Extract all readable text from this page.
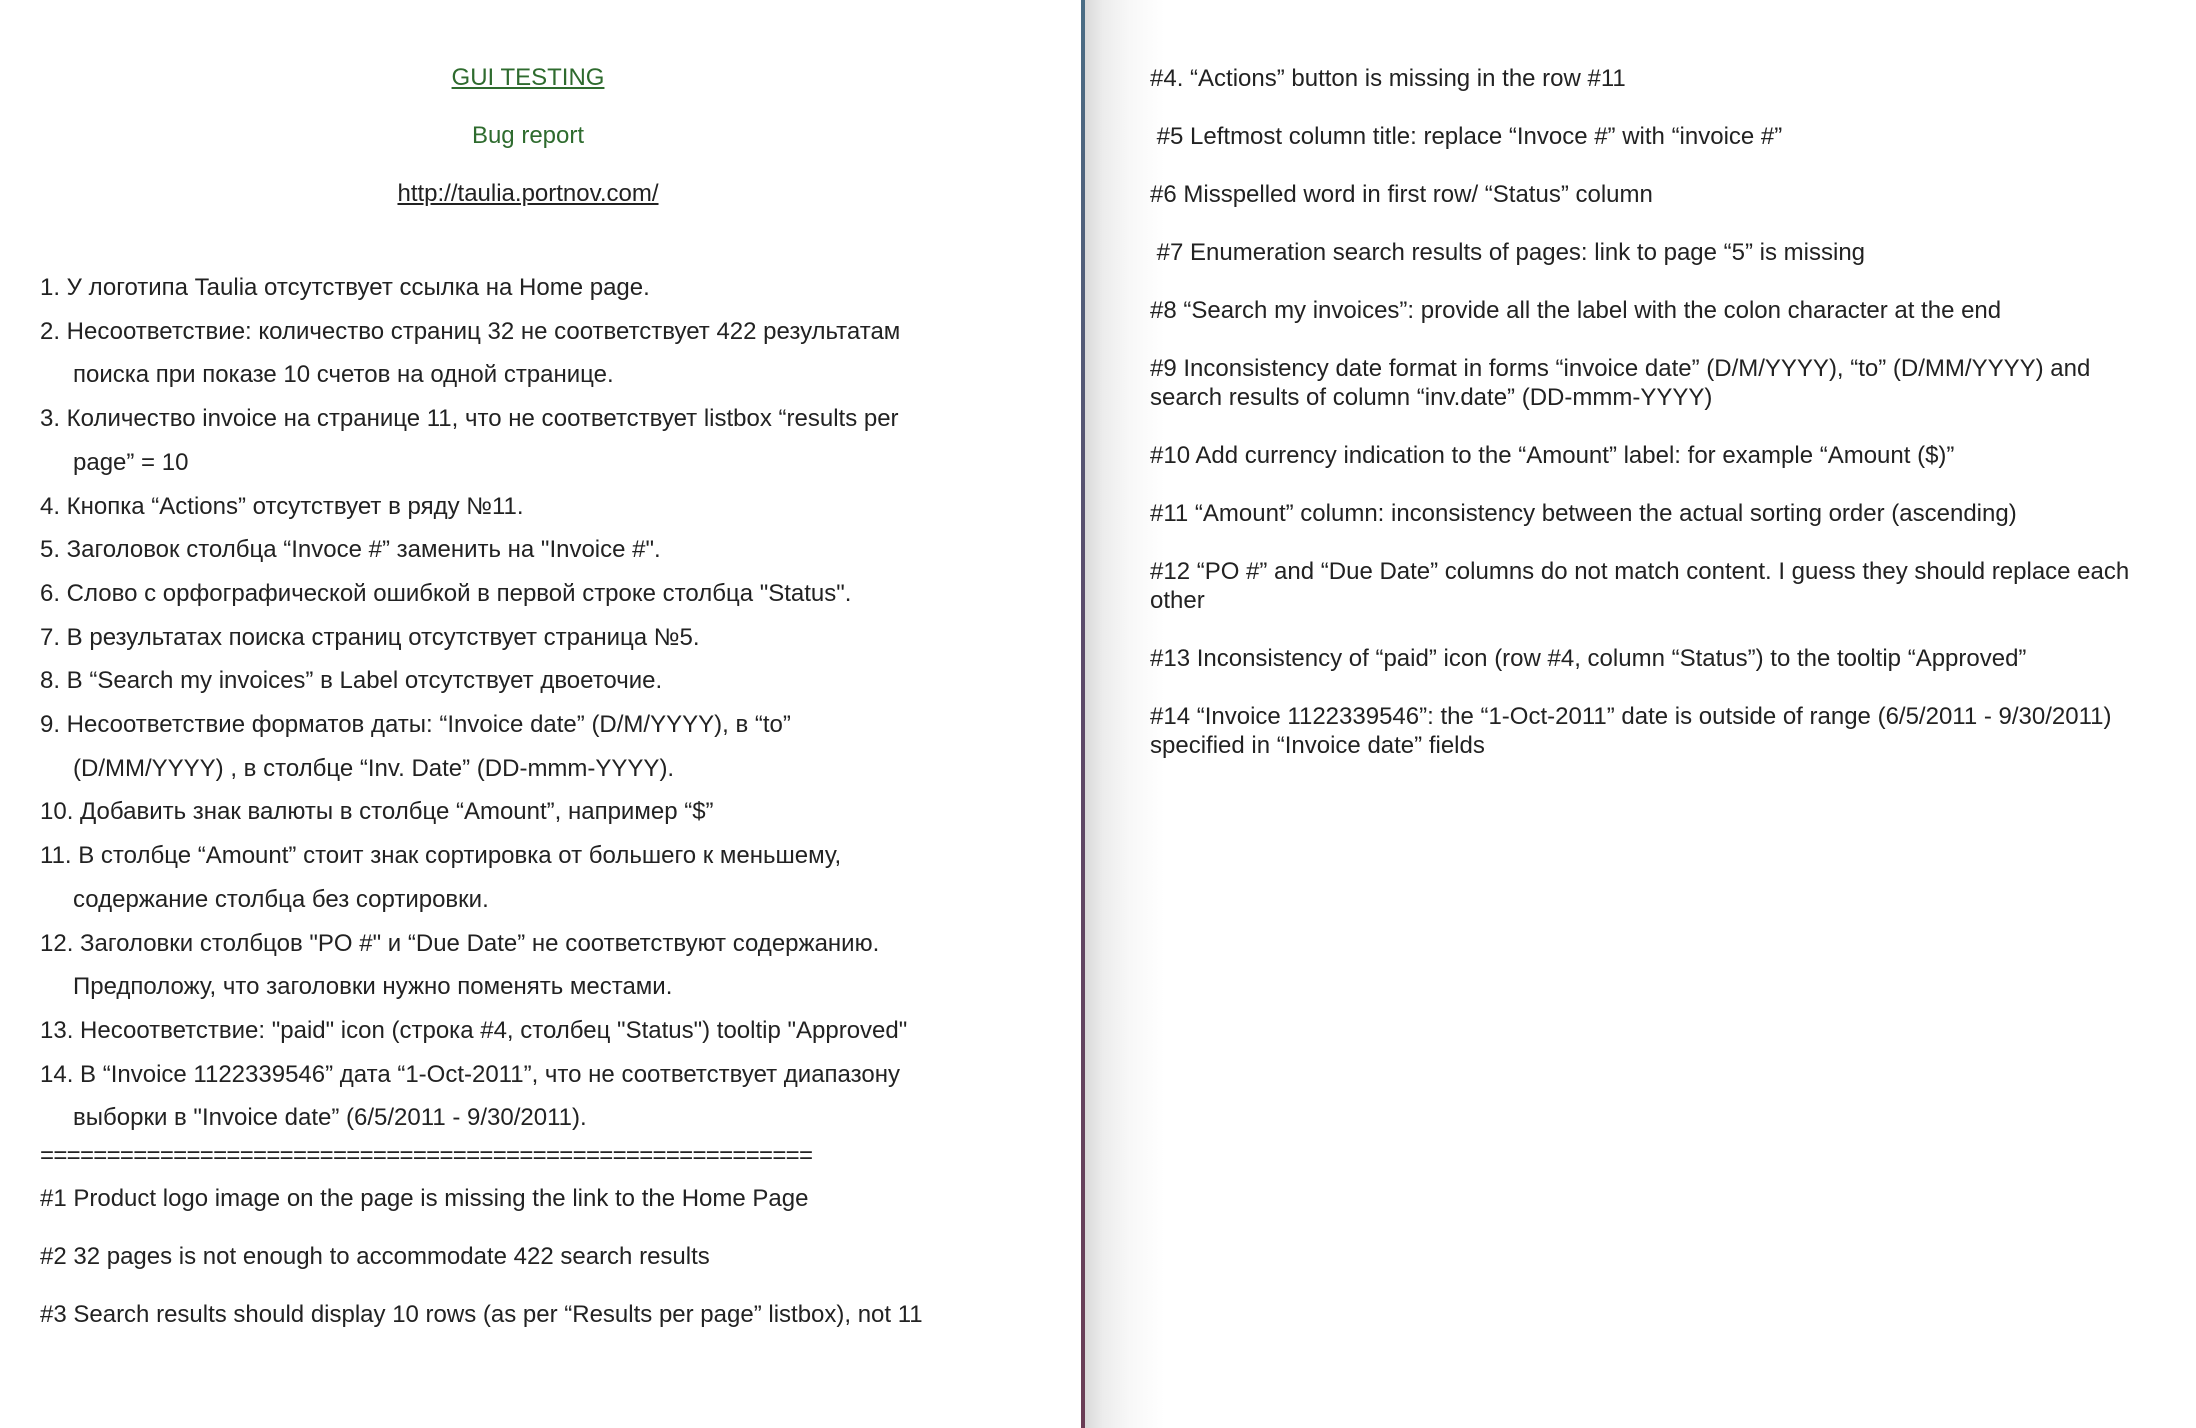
GUI TESTING
Bug report
http://taulia.portnov.com/
1. У логотипа Taulia отсутствует ссылка на Home page.
2. Несоответствие: количество страниц 32 не соответствует 422 результатам
поиска при показе 10 счетов на одной странице.
3. Количество invoice на странице 11, что не соответствует listbox “results per
page” = 10
4. Кнопка “Actions” отсутствует в ряду №11.
5. Заголовок столбца “Invoce #” заменить на "Invoice #".
6. Слово с орфографической ошибкой в первой строке столбца "Status".
7. В результатах поиска страниц отсутствует страница №5.
8. В “Search my invoices” в Label отсутствует двоеточие.
9. Несоответствие форматов даты: “Invoice date” (D/M/YYYY), в “to”
(D/MM/YYYY) , в столбце “Inv. Date” (DD-mmm-YYYY).
10. Добавить знак валюты в столбце “Amount”, например “$”
11. В столбце “Amount” стоит знак сортировка от большего к меньшему,
содержание столбца без сортировки.
12. Заголовки столбцов "PO #" и “Due Date” не соответствуют содержанию.
Предположу, что заголовки нужно поменять местами.
13. Несоответствие: "paid" icon (строка #4, столбец "Status") tooltip "Approved"
14. В “Invoice 1122339546” дата “1-Oct-2011”, что не соответствует диапазону
выборки в "Invoice date” (6/5/2011 - 9/30/2011).
==========================================================
#1 Product logo image on the page is missing the link to the Home Page
#2 32 pages is not enough to accommodate 422 search results
#3 Search results should display 10 rows (as per “Results per page” listbox), not 11
#4. “Actions” button is missing in the row #11
#5 Leftmost column title: replace “Invoce #” with “invoice #”
#6 Misspelled word in first row/ “Status” column
#7 Enumeration search results of pages: link to page “5” is missing
#8 “Search my invoices”: provide all the label with the colon character at the end
#9 Inconsistency date format in forms “invoice date” (D/M/YYYY), “to” (D/MM/YYYY) and search results of column “inv.date” (DD-mmm-YYYY)
#10 Add currency indication to the “Amount” label: for example “Amount ($)”
#11 “Amount” column: inconsistency between the actual sorting order (ascending)
#12 “PO #” and “Due Date” columns do not match content. I guess they should replace each other
#13 Inconsistency of “paid” icon (row #4, column “Status”) to the tooltip “Approved”
#14 “Invoice 1122339546”: the “1-Oct-2011” date is outside of range (6/5/2011 - 9/30/2011) specified in “Invoice date” fields
